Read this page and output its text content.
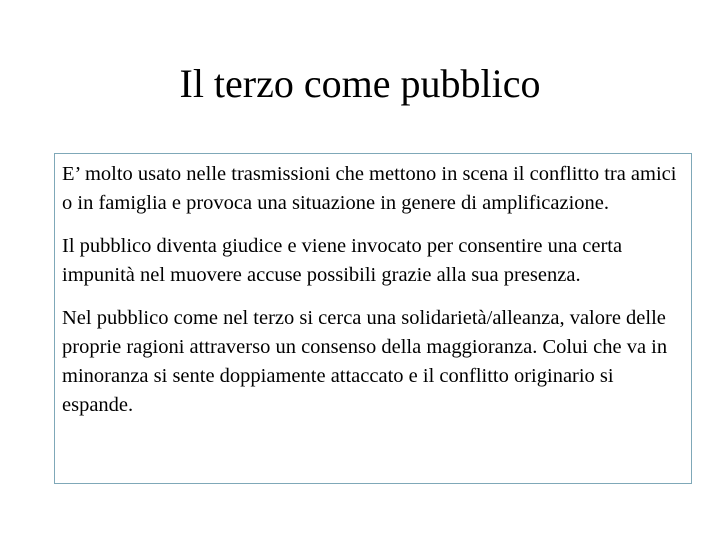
Il terzo come pubblico

E’ molto usato nelle trasmissioni che mettono in scena il conflitto tra amici o in famiglia e provoca una situazione in genere di amplificazione.

Il pubblico diventa giudice e viene invocato per consentire una certa impunità nel muovere accuse possibili grazie alla sua presenza.

Nel pubblico come nel terzo si cerca una solidarietà/alleanza, valore delle proprie ragioni attraverso un consenso della maggioranza. Colui che va in minoranza si sente doppiamente attaccato e il conflitto originario si espande.
